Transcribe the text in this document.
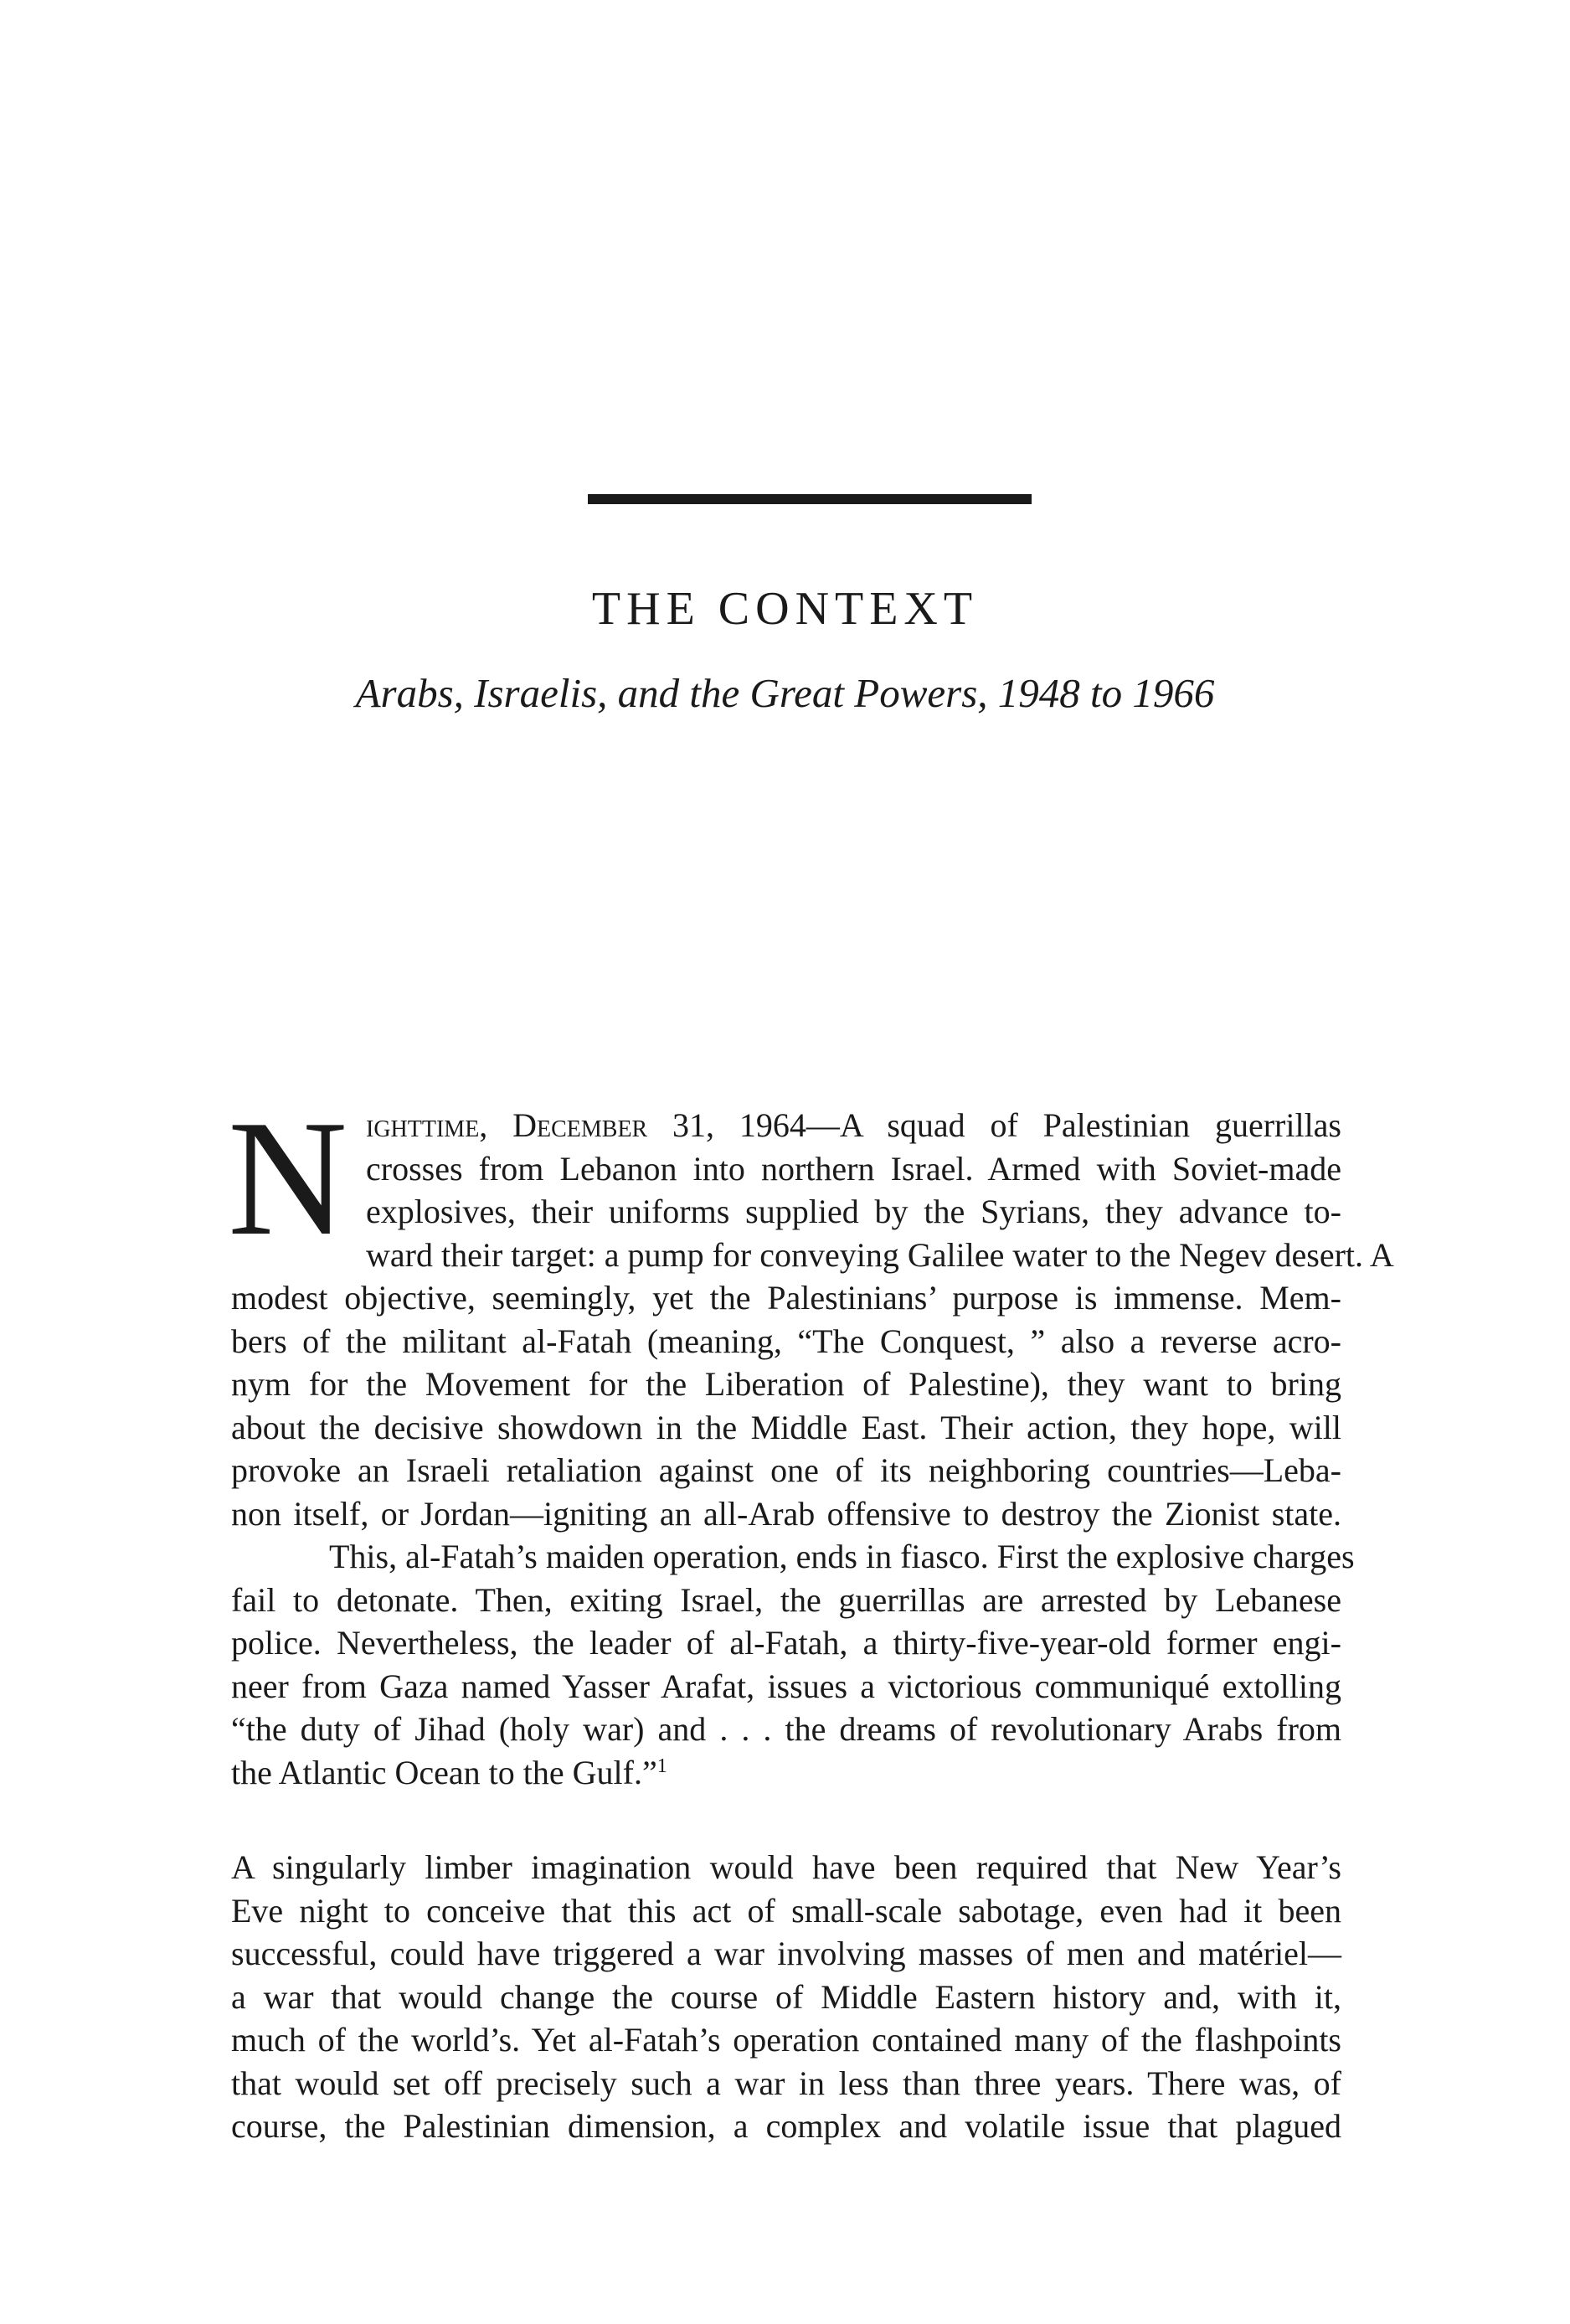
THE CONTEXT
Arabs, Israelis, and the Great Powers, 1948 to 1966
N ighttime, December 31, 1964—A squad of Palestinian guerrillas
crosses from Lebanon into northern Israel. Armed with Soviet-made
explosives, their uniforms supplied by the Syrians, they advance to-
ward their target: a pump for conveying Galilee water to the Negev desert. A
modest objective, seemingly, yet the Palestinians’ purpose is immense. Mem-
bers of the militant al-Fatah (meaning, “The Conquest, ” also a reverse acro-
nym for the Movement for the Liberation of Palestine), they want to bring
about the decisive showdown in the Middle East. Their action, they hope, will
provoke an Israeli retaliation against one of its neighboring countries—Leba-
non itself, or Jordan—igniting an all-Arab offensive to destroy the Zionist state.
This, al-Fatah’s maiden operation, ends in fiasco. First the explosive charges
fail to detonate. Then, exiting Israel, the guerrillas are arrested by Lebanese
police. Nevertheless, the leader of al-Fatah, a thirty-five-year-old former engi-
neer from Gaza named Yasser Arafat, issues a victorious communiqué extolling
“the duty of Jihad (holy war) and . . . the dreams of revolutionary Arabs from
the Atlantic Ocean to the Gulf.”$^1$
A singularly limber imagination would have been required that New Year’s
Eve night to conceive that this act of small-scale sabotage, even had it been
successful, could have triggered a war involving masses of men and matériel—
a war that would change the course of Middle Eastern history and, with it,
much of the world’s. Yet al-Fatah’s operation contained many of the flashpoints
that would set off precisely such a war in less than three years. There was, of
course, the Palestinian dimension, a complex and volatile issue that plagued
